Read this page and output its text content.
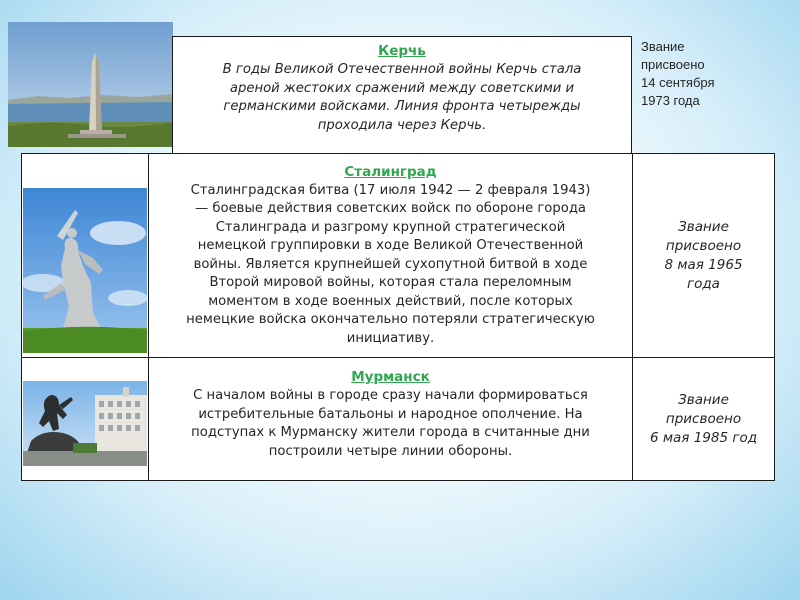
Керчь
В годы Великой Отечественной войны Керчь стала
ареной жестоких сражений между советскими и
германскими войсками. Линия фронта четырежды
проходила через Керчь.
Звание
присвоено
14 сентября
1973 года
Сталинград
Сталинградская битва (17 июля 1942 — 2 февраля 1943)
— боевые действия советских войск по обороне города
Сталинграда и разгрому крупной стратегической
немецкой группировки в ходе Великой Отечественной
войны. Является крупнейшей сухопутной битвой в ходе
Второй мировой войны, которая стала переломным
моментом в ходе военных действий, после которых
немецкие войска окончательно потеряли стратегическую
инициативу.
Звание
присвоено
8 мая 1965
года
Мурманск
С началом войны в городе сразу начали формироваться
истребительные батальоны и народное ополчение. На
подступах к Мурманску жители города в считанные дни
построили четыре линии обороны.
Звание
присвоено
6 мая 1985 год
